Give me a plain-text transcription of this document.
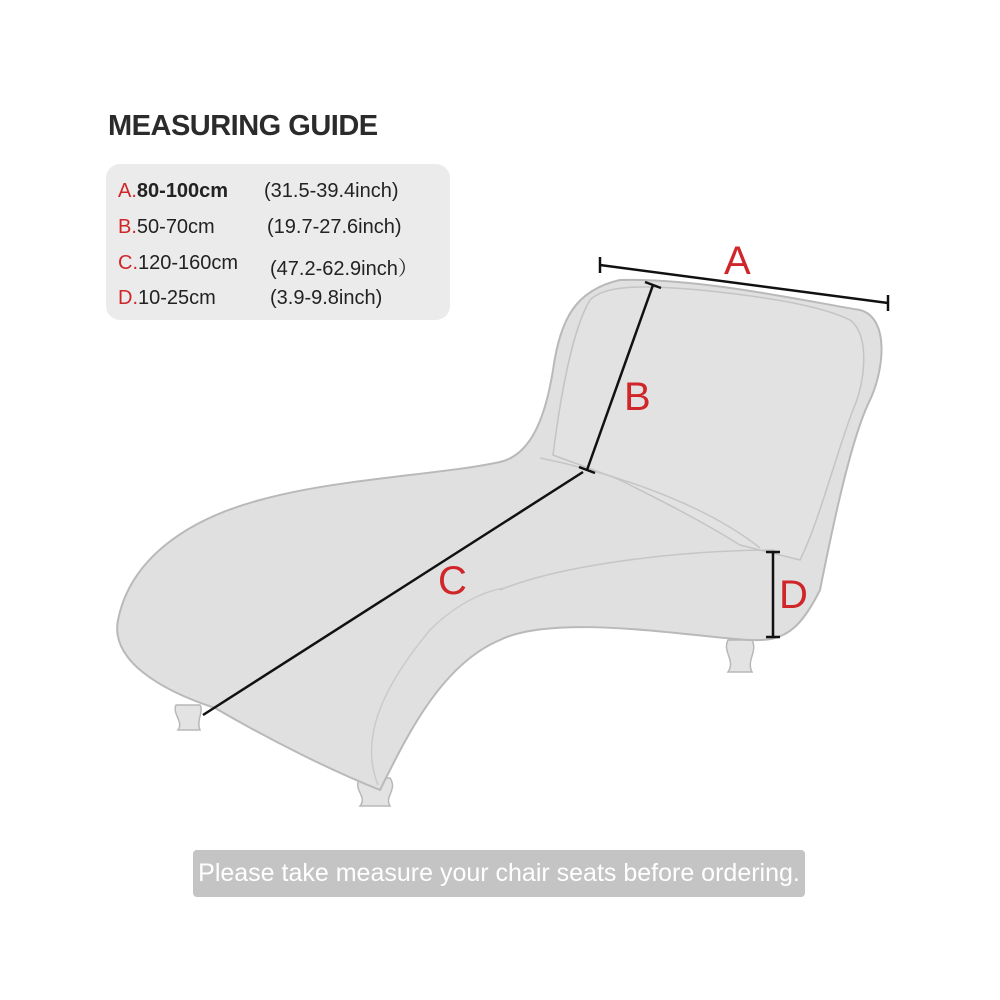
MEASURING GUIDE
A.80-100cm (31.5-39.4inch)
B.50-70cm	(19.7-27.6inch)
C.120-160cm (47.2-62.9inch）
D.10-25cm	(3.9-9.8inch)
A
B
C	D
Please take measure your chair seats before ordering.
